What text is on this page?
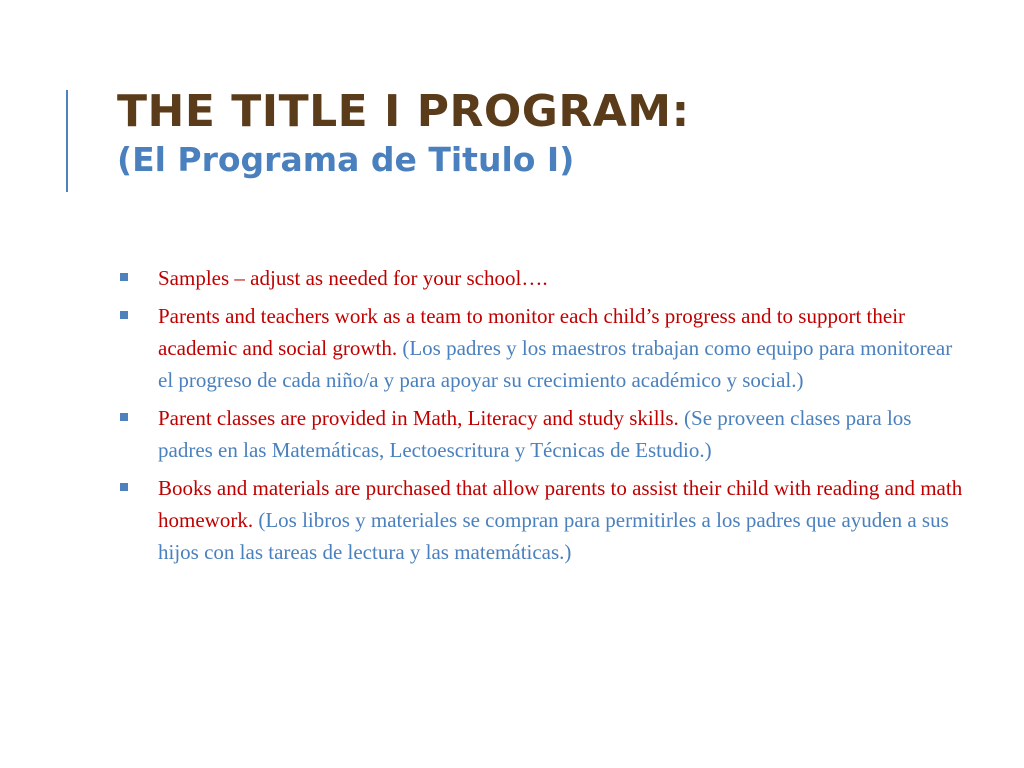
THE TITLE I PROGRAM:
(El Programa de Titulo I)
Samples – adjust as needed for your school….
Parents and teachers work as a team to monitor each child’s progress and to support their academic and social growth. (Los padres y los maestros trabajan como equipo para monitorear el progreso de cada niño/a y para apoyar su crecimiento académico y social.)
Parent classes are provided in Math, Literacy and study skills. (Se proveen clases para los padres en las Matemáticas, Lectoescritura y Técnicas de Estudio.)
Books and materials are purchased that allow parents to assist their child with reading and math homework. (Los libros y materiales se compran para permitirles a los padres que ayuden a sus hijos con las tareas de lectura y las matemáticas.)
